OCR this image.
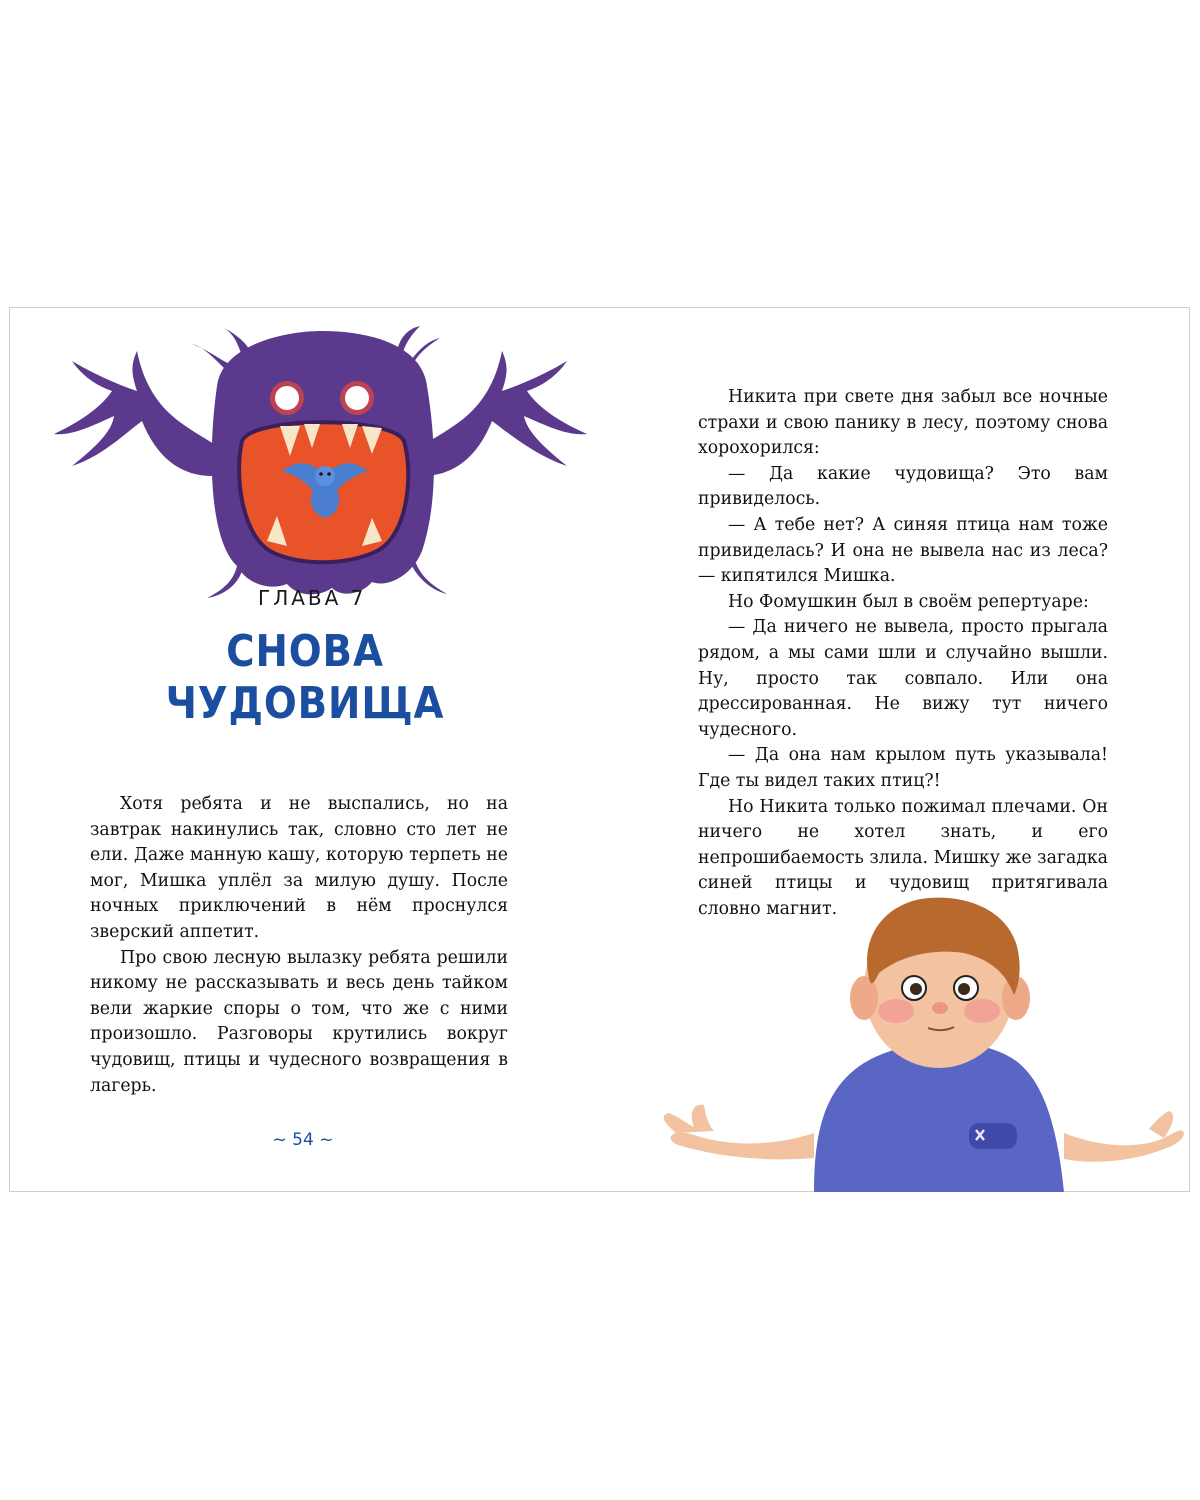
ГЛАВА 7
СНОВА
ЧУДОВИЩА

Хотя ребята и не выспались, но на завтрак накинулись так, словно сто лет не ели. Даже манную кашу, которую терпеть не мог, Мишка уплёл за милую душу. После ночных приключений в нём проснулся зверский аппетит.

Про свою лесную вылазку ребята решили никому не рассказывать и весь день тайком вели жаркие споры о том, что же с ними произошло. Разговоры крутились вокруг чудовищ, птицы и чудесного возвращения в лагерь.

~ 54 ~

Никита при свете дня забыл все ночные страхи и свою панику в лесу, поэтому снова хорохорился:

— Да какие чудовища? Это вам привиделось.

— А тебе нет? А синяя птица нам тоже привиделась? И она не вывела нас из леса? — кипятился Мишка.

Но Фомушкин был в своём репертуаре:

— Да ничего не вывела, просто прыгала рядом, а мы сами шли и случайно вышли. Ну, просто так совпало. Или она дрессированная. Не вижу тут ничего чудесного.

— Да она нам крылом путь указывала! Где ты видел таких птиц?!

Но Никита только пожимал плечами. Он ничего не хотел знать, и его непрошибаемость злила. Мишку же загадка синей птицы и чудовищ притягивала словно магнит.
